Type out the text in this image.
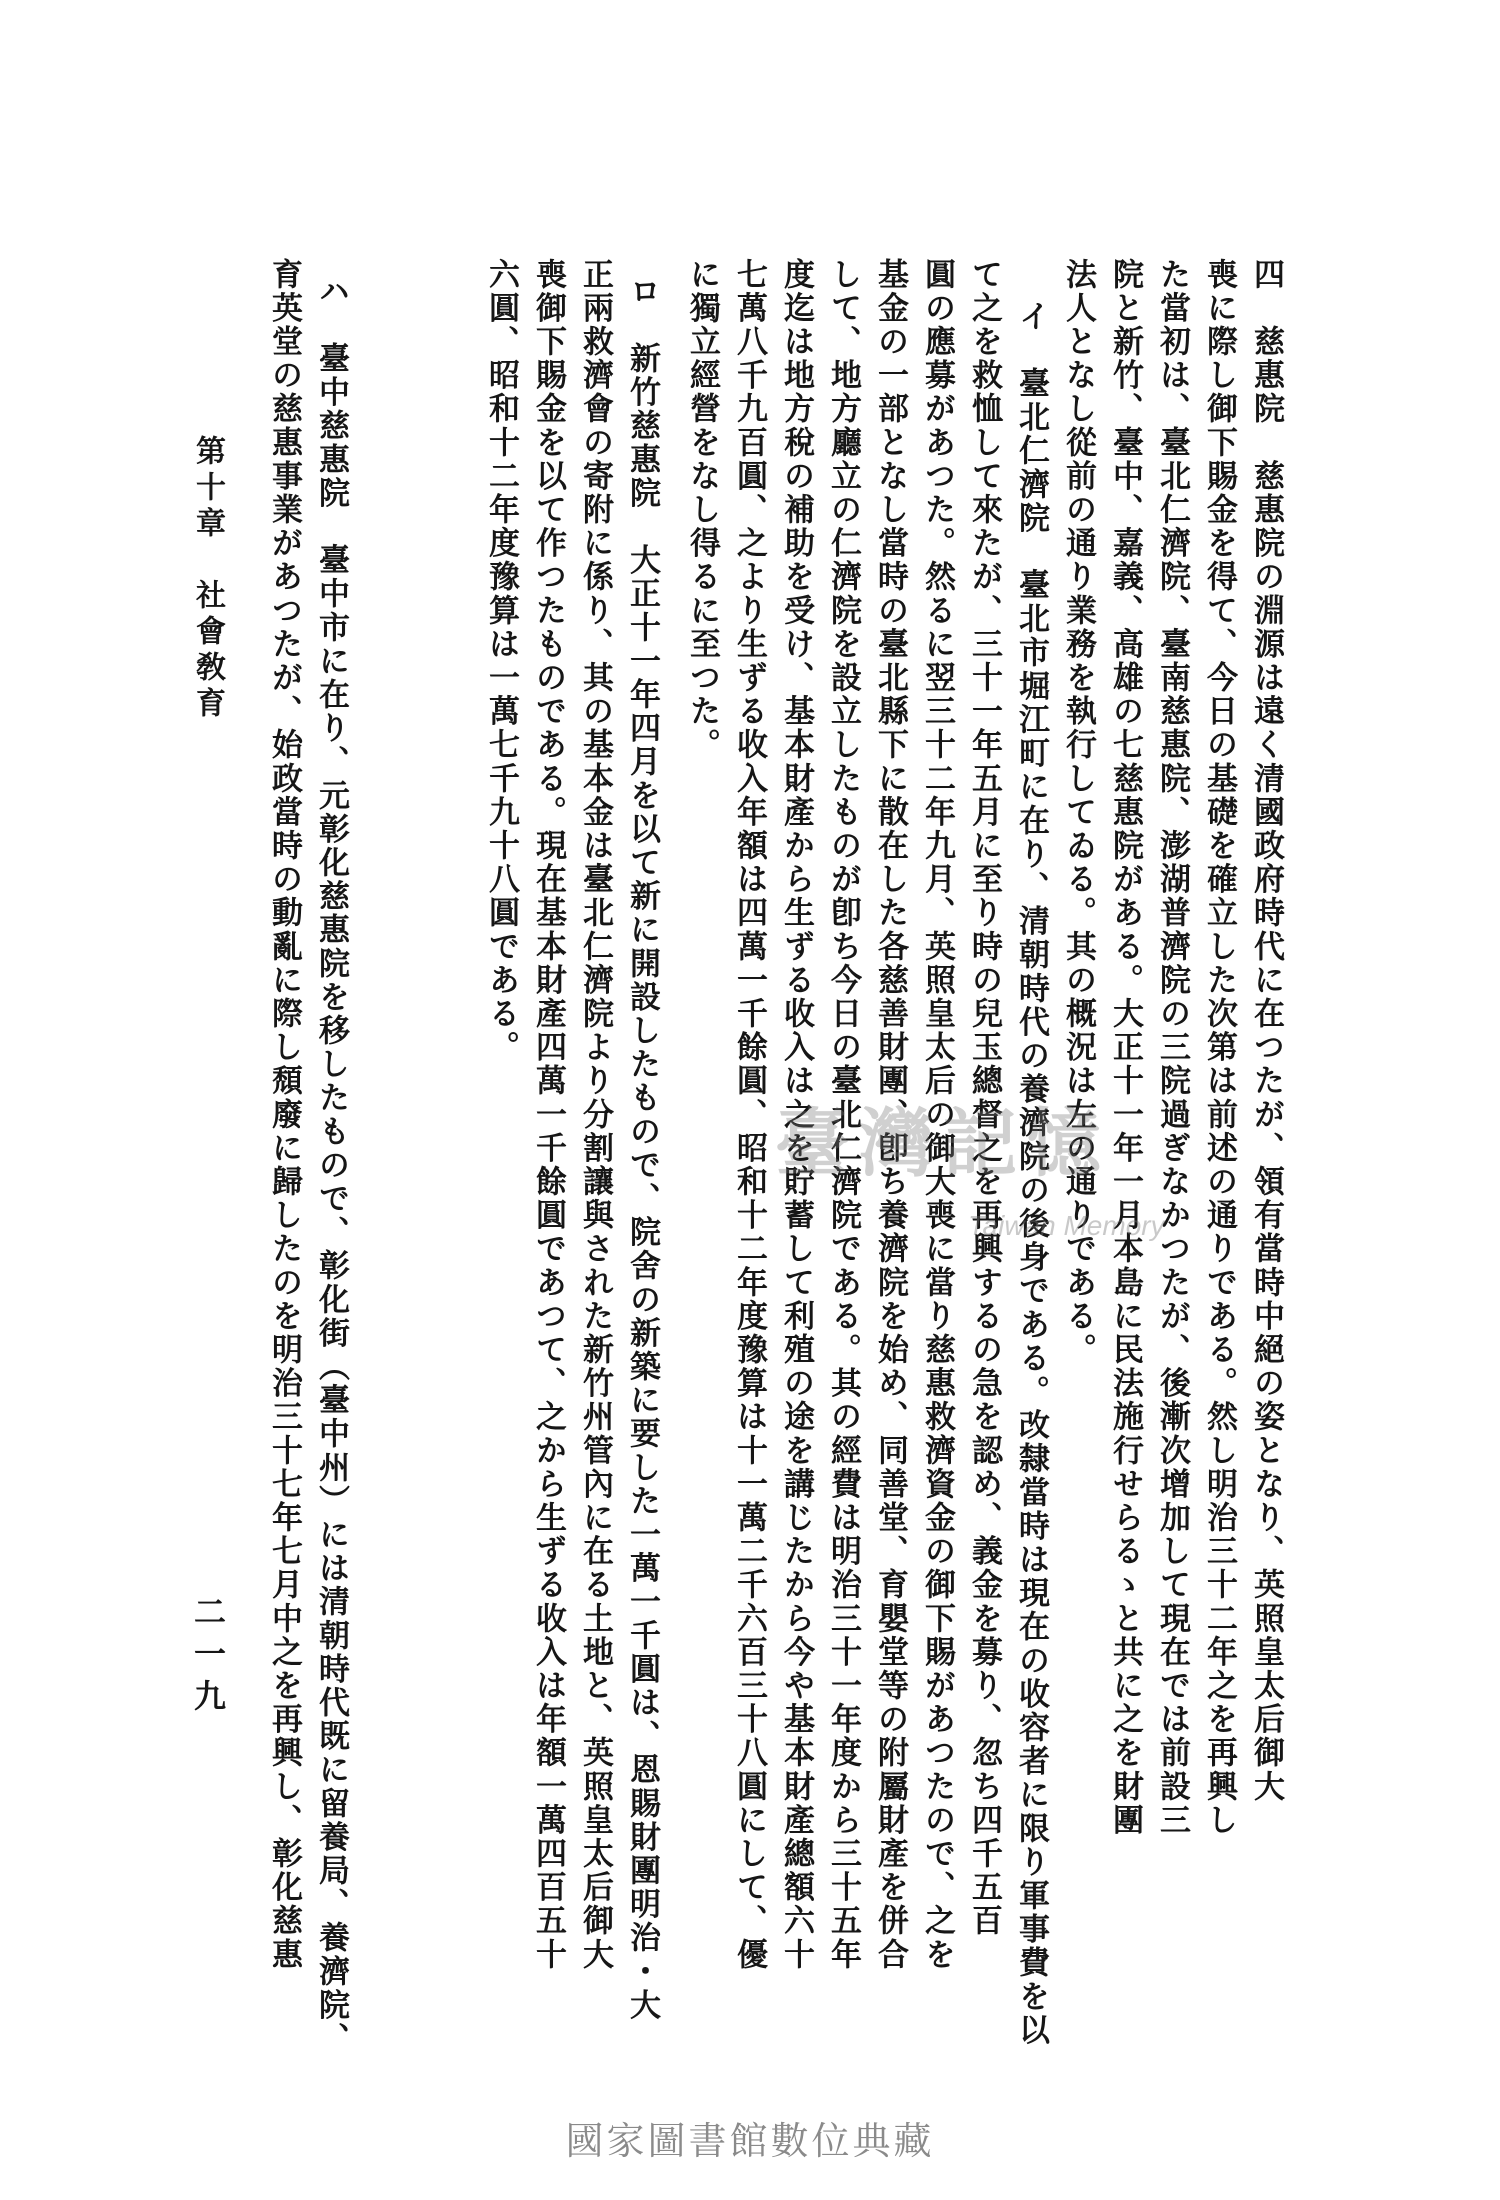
四　慈惠院　慈惠院の淵源は遠く清國政府時代に在つたが、領有當時中絕の姿となり、英照皇太后御大
喪に際し御下賜金を得て、今日の基礎を確立した次第は前述の通りである。然し明治三十二年之を再興し
た當初は、臺北仁濟院、臺南慈惠院、澎湖普濟院の三院過ぎなかつたが、後漸次增加して現在では前設三
院と新竹、臺中、嘉義、高雄の七慈惠院がある。大正十一年一月本島に民法施行せらるゝと共に之を財團
法人となし從前の通り業務を執行してゐる。其の概況は左の通りである。
イ　臺北仁濟院　臺北市堀江町に在り、清朝時代の養濟院の後身である。改隸當時は現在の收容者に限り軍事費を以
て之を救恤して來たが、三十一年五月に至り時の兒玉總督之を再興するの急を認め、義金を募り、忽ち四千五百
圓の應募があつた。然るに翌三十二年九月、英照皇太后の御大喪に當り慈惠救濟資金の御下賜があつたので、之を
基金の一部となし當時の臺北縣下に散在した各慈善財團、卽ち養濟院を始め、同善堂、育嬰堂等の附屬財產を併合
して、地方廳立の仁濟院を設立したものが卽ち今日の臺北仁濟院である。其の經費は明治三十一年度から三十五年
度迄は地方稅の補助を受け、基本財產から生ずる收入は之を貯蓄して利殖の途を講じたから今や基本財產總額六十
七萬八千九百圓、之より生ずる收入年額は四萬一千餘圓、昭和十二年度豫算は十一萬二千六百三十八圓にして、優
に獨立經營をなし得るに至つた。
ロ　新竹慈惠院　大正十一年四月を以て新に開設したもので、院舍の新築に要した一萬一千圓は、恩賜財團明治・大
正兩救濟會の寄附に係り、其の基本金は臺北仁濟院より分割讓與された新竹州管內に在る土地と、英照皇太后御大
喪御下賜金を以て作つたものである。現在基本財產四萬一千餘圓であつて、之から生ずる收入は年額一萬四百五十
六圓、昭和十二年度豫算は一萬七千九十八圓である。
ハ　臺中慈惠院　臺中市に在り、元彰化慈惠院を移したもので、彰化街（臺中州）には清朝時代既に留養局、養濟院、
育英堂の慈惠事業があつたが、始政當時の動亂に際し頹廢に歸したのを明治三十七年七月中之を再興し、彰化慈惠
第十章　社會敎育
二一九
臺灣記憶
Taiwan Memory
國家圖書館數位典藏
